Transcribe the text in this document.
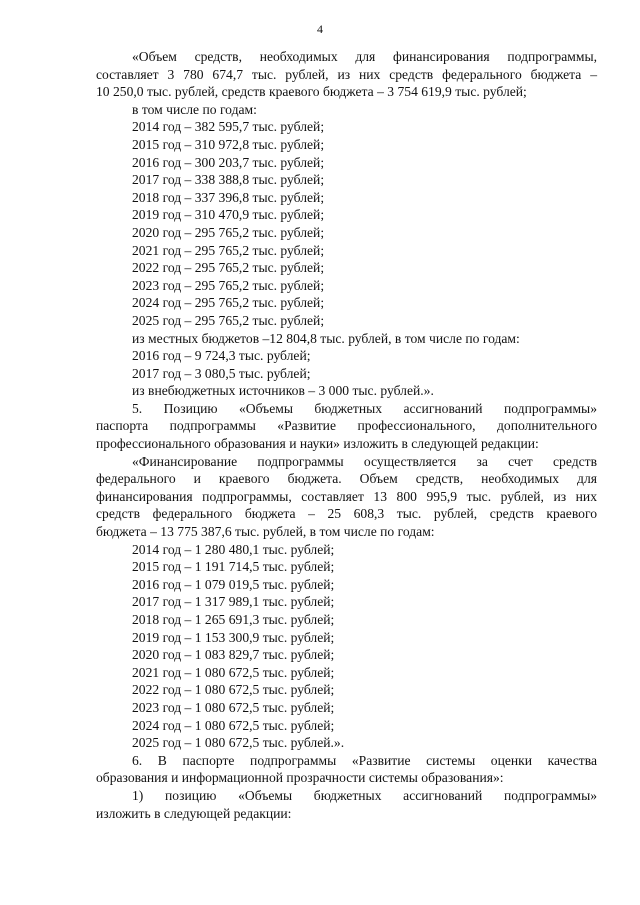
4
«Объем средств, необходимых для финансирования подпрограммы,
составляет 3 780 674,7 тыс. рублей, из них средств федерального бюджета –
10 250,0 тыс. рублей, средств краевого бюджета – 3 754 619,9 тыс. рублей;
в том числе по годам:
2014 год – 382 595,7 тыс. рублей;
2015 год – 310 972,8 тыс. рублей;
2016 год – 300 203,7 тыс. рублей;
2017 год – 338 388,8 тыс. рублей;
2018 год – 337 396,8 тыс. рублей;
2019 год – 310 470,9 тыс. рублей;
2020 год – 295 765,2 тыс. рублей;
2021 год – 295 765,2 тыс. рублей;
2022 год – 295 765,2 тыс. рублей;
2023 год – 295 765,2 тыс. рублей;
2024 год – 295 765,2 тыс. рублей;
2025 год – 295 765,2 тыс. рублей;
из местных бюджетов –12 804,8 тыс. рублей, в том числе по годам:
2016 год – 9 724,3 тыс. рублей;
2017 год – 3 080,5 тыс. рублей;
из внебюджетных источников – 3 000 тыс. рублей.».
5. Позицию «Объемы бюджетных ассигнований подпрограммы»
паспорта подпрограммы «Развитие профессионального, дополнительного
профессионального образования и науки» изложить в следующей редакции:
«Финансирование подпрограммы осуществляется за счет средств
федерального и краевого бюджета. Объем средств, необходимых для
финансирования подпрограммы, составляет 13 800 995,9 тыс. рублей, из них
средств федерального бюджета – 25 608,3 тыс. рублей, средств краевого
бюджета – 13 775 387,6 тыс. рублей, в том числе по годам:
2014 год – 1 280 480,1 тыс. рублей;
2015 год – 1 191 714,5 тыс. рублей;
2016 год – 1 079 019,5 тыс. рублей;
2017 год – 1 317 989,1 тыс. рублей;
2018 год – 1 265 691,3 тыс. рублей;
2019 год – 1 153 300,9 тыс. рублей;
2020 год – 1 083 829,7 тыс. рублей;
2021 год – 1 080 672,5 тыс. рублей;
2022 год – 1 080 672,5 тыс. рублей;
2023 год – 1 080 672,5 тыс. рублей;
2024 год – 1 080 672,5 тыс. рублей;
2025 год – 1 080 672,5 тыс. рублей.».
6. В паспорте подпрограммы «Развитие системы оценки качества
образования и информационной прозрачности системы образования»:
1) позицию «Объемы бюджетных ассигнований подпрограммы»
изложить в следующей редакции:
